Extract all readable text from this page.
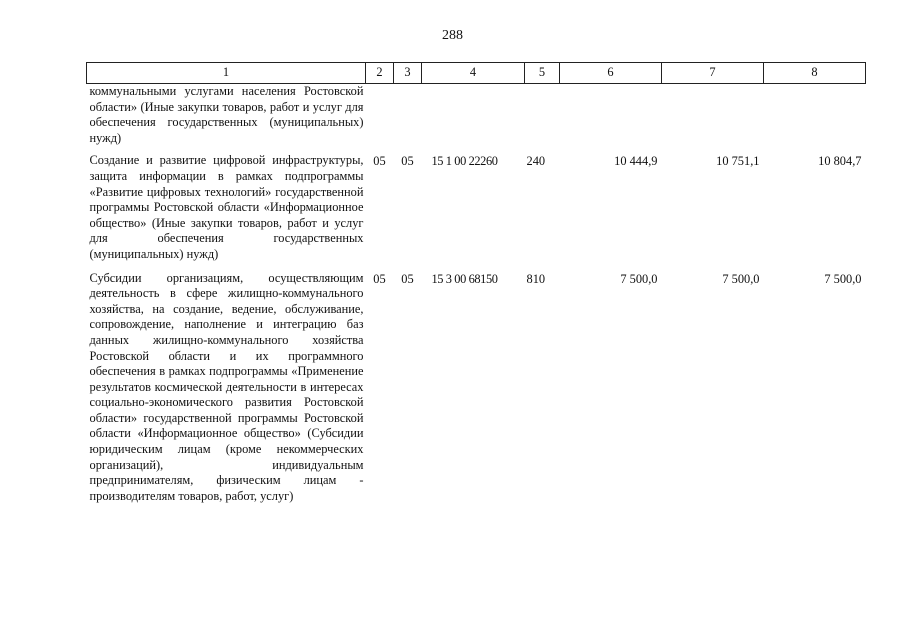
288
1	2	3	4	5	6	7	8
коммунальными услугами населения Ростовской области» (Иные закупки товаров, работ и услуг для обеспечения государственных (муниципальных) нужд)							
Создание и развитие цифровой инфраструктуры, защита информации в рамках подпрограммы «Развитие цифровых технологий» государственной программы Ростовской области «Информационное общество» (Иные закупки товаров, работ и услуг для обеспечения государственных (муниципальных) нужд)	05	05	15 1 00 22260	240	10 444,9	10 751,1	10 804,7
Субсидии организациям, осуществляющим деятельность в сфере жилищно-коммунального хозяйства, на создание, ведение, обслуживание, сопровождение, наполнение и интеграцию баз данных жилищно-коммунального хозяйства Ростовской области и их программного обеспечения в рамках подпрограммы «Применение результатов космической деятельности в интересах социально-экономического развития Ростовской области» государственной программы Ростовской области «Информационное общество» (Субсидии юридическим лицам (кроме некоммерческих организаций), индивидуальным предпринимателям, физическим лицам - производителям товаров, работ, услуг)	05	05	15 3 00 68150	810	7 500,0	7 500,0	7 500,0
